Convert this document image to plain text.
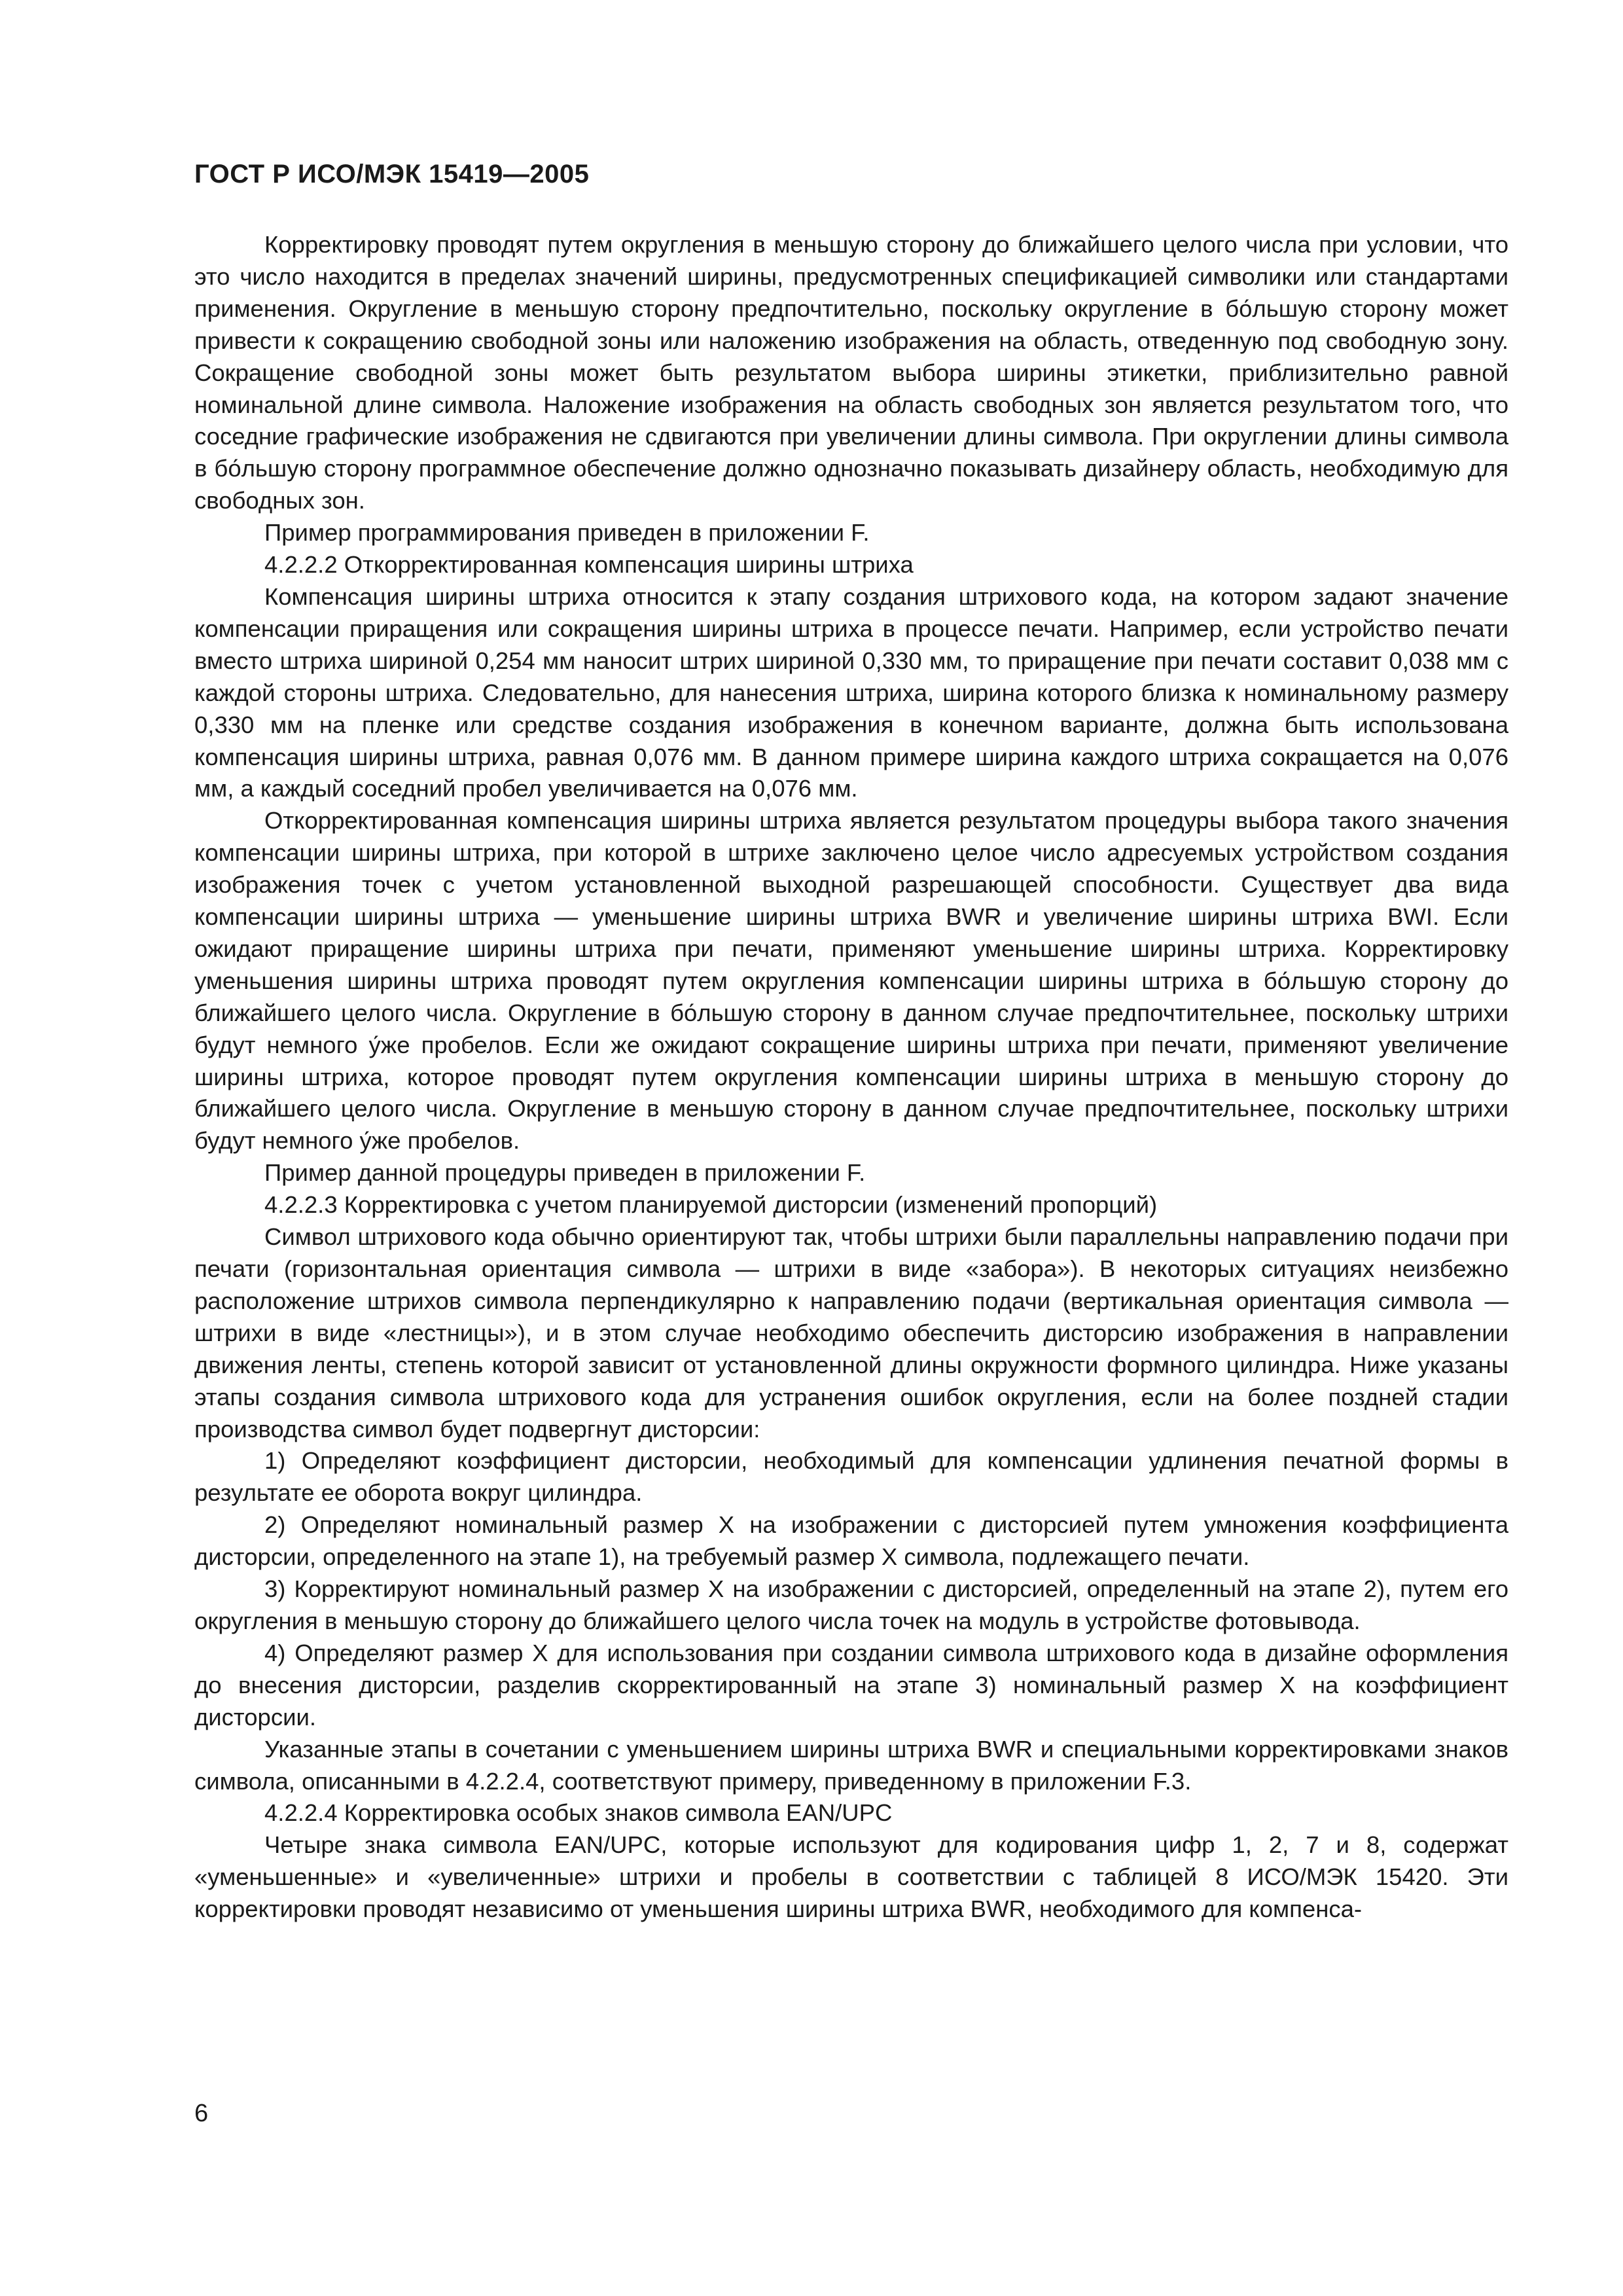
ГОСТ Р ИСО/МЭК 15419—2005

Корректировку проводят путем округления в меньшую сторону до ближайшего целого числа при условии, что это число находится в пределах значений ширины, предусмотренных спецификацией символики или стандартами применения. Округление в меньшую сторону предпочтительно, поскольку округление в бо́льшую сторону может привести к сокращению свободной зоны или наложению изображения на область, отведенную под свободную зону. Сокращение свободной зоны может быть результатом выбора ширины этикетки, приблизительно равной номинальной длине символа. Наложение изображения на область свободных зон является результатом того, что соседние графические изображения не сдвигаются при увеличении длины символа. При округлении длины символа в бо́льшую сторону программное обеспечение должно однозначно показывать дизайнеру область, необходимую для свободных зон.

Пример программирования приведен в приложении F.

4.2.2.2 Откорректированная компенсация ширины штриха

Компенсация ширины штриха относится к этапу создания штрихового кода, на котором задают значение компенсации приращения или сокращения ширины штриха в процессе печати. Например, если устройство печати вместо штриха шириной 0,254 мм наносит штрих шириной 0,330 мм, то приращение при печати составит 0,038 мм с каждой стороны штриха. Следовательно, для нанесения штриха, ширина которого близка к номинальному размеру 0,330 мм на пленке или средстве создания изображения в конечном варианте, должна быть использована компенсация ширины штриха, равная 0,076 мм. В данном примере ширина каждого штриха сокращается на 0,076 мм, а каждый соседний пробел увеличивается на 0,076 мм.

Откорректированная компенсация ширины штриха является результатом процедуры выбора такого значения компенсации ширины штриха, при которой в штрихе заключено целое число адресуемых устройством создания изображения точек с учетом установленной выходной разрешающей способности. Существует два вида компенсации ширины штриха — уменьшение ширины штриха BWR и увеличение ширины штриха BWI. Если ожидают приращение ширины штриха при печати, применяют уменьшение ширины штриха. Корректировку уменьшения ширины штриха проводят путем округления компенсации ширины штриха в бо́льшую сторону до ближайшего целого числа. Округление в бо́льшую сторону в данном случае предпочтительнее, поскольку штрихи будут немного у́же пробелов. Если же ожидают сокращение ширины штриха при печати, применяют увеличение ширины штриха, которое проводят путем округления компенсации ширины штриха в меньшую сторону до ближайшего целого числа. Округление в меньшую сторону в данном случае предпочтительнее, поскольку штрихи будут немного у́же пробелов.

Пример данной процедуры приведен в приложении F.

4.2.2.3 Корректировка с учетом планируемой дисторсии (изменений пропорций)

Символ штрихового кода обычно ориентируют так, чтобы штрихи были параллельны направлению подачи при печати (горизонтальная ориентация символа — штрихи в виде «забора»). В некоторых ситуациях неизбежно расположение штрихов символа перпендикулярно к направлению подачи (вертикальная ориентация символа — штрихи в виде «лестницы»), и в этом случае необходимо обеспечить дисторсию изображения в направлении движения ленты, степень которой зависит от установленной длины окружности формного цилиндра. Ниже указаны этапы создания символа штрихового кода для устранения ошибок округления, если на более поздней стадии производства символ будет подвергнут дисторсии:

1) Определяют коэффициент дисторсии, необходимый для компенсации удлинения печатной формы в результате ее оборота вокруг цилиндра.

2) Определяют номинальный размер X на изображении с дисторсией путем умножения коэффициента дисторсии, определенного на этапе 1), на требуемый размер X символа, подлежащего печати.

3) Корректируют номинальный размер X на изображении с дисторсией, определенный на этапе 2), путем его округления в меньшую сторону до ближайшего целого числа точек на модуль в устройстве фотовывода.

4) Определяют размер X для использования при создании символа штрихового кода в дизайне оформления до внесения дисторсии, разделив скорректированный на этапе 3) номинальный размер X на коэффициент дисторсии.

Указанные этапы в сочетании с уменьшением ширины штриха BWR и специальными корректировками знаков символа, описанными в 4.2.2.4, соответствуют примеру, приведенному в приложении F.3.

4.2.2.4 Корректировка особых знаков символа EAN/UPC

Четыре знака символа EAN/UPC, которые используют для кодирования цифр 1, 2, 7 и 8, содержат «уменьшенные» и «увеличенные» штрихи и пробелы в соответствии с таблицей 8 ИСО/МЭК 15420. Эти корректировки проводят независимо от уменьшения ширины штриха BWR, необходимого для компенса-

6
